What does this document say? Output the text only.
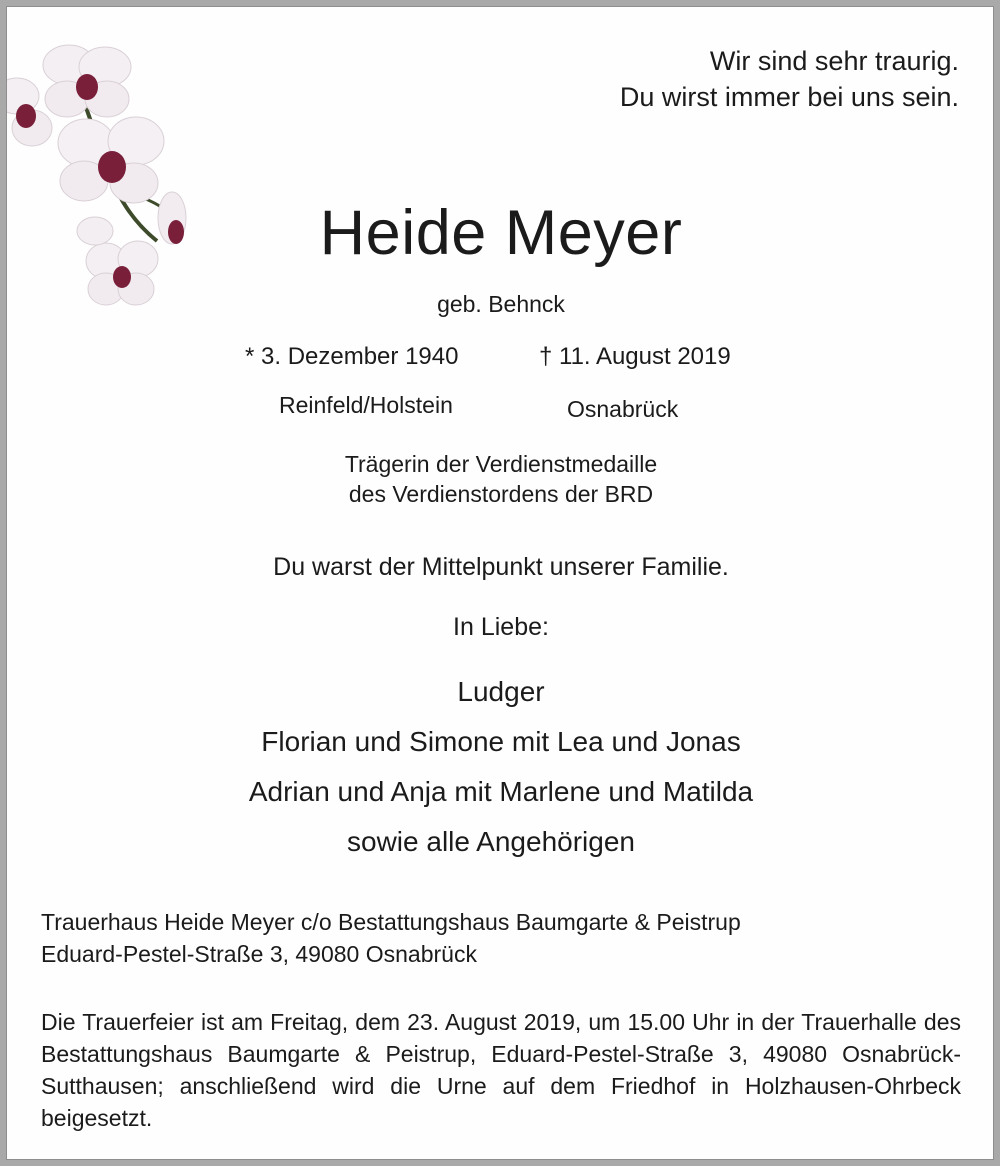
Wir sind sehr traurig.
Du wirst immer bei uns sein.
Heide Meyer
geb. Behnck
* 3. Dezember 1940	† 11. August 2019
Reinfeld/Holstein	Osnabrück
Trägerin der Verdienstmedaille
des Verdienstordens der BRD
Du warst der Mittelpunkt unserer Familie.
In Liebe:
Ludger
Florian und Simone mit Lea und Jonas
Adrian und Anja mit Marlene und Matilda
sowie alle Angehörigen
Trauerhaus Heide Meyer c/o Bestattungshaus Baumgarte & Peistrup
Eduard-Pestel-Straße 3, 49080 Osnabrück
Die Trauerfeier ist am Freitag, dem 23. August 2019, um 15.00 Uhr in der Trauerhalle des Bestattungshaus Baumgarte & Peistrup, Eduard-Pestel-Straße 3, 49080 Osnabrück-Sutthausen; anschließend wird die Urne auf dem Friedhof in Holzhausen-Ohrbeck beigesetzt.
